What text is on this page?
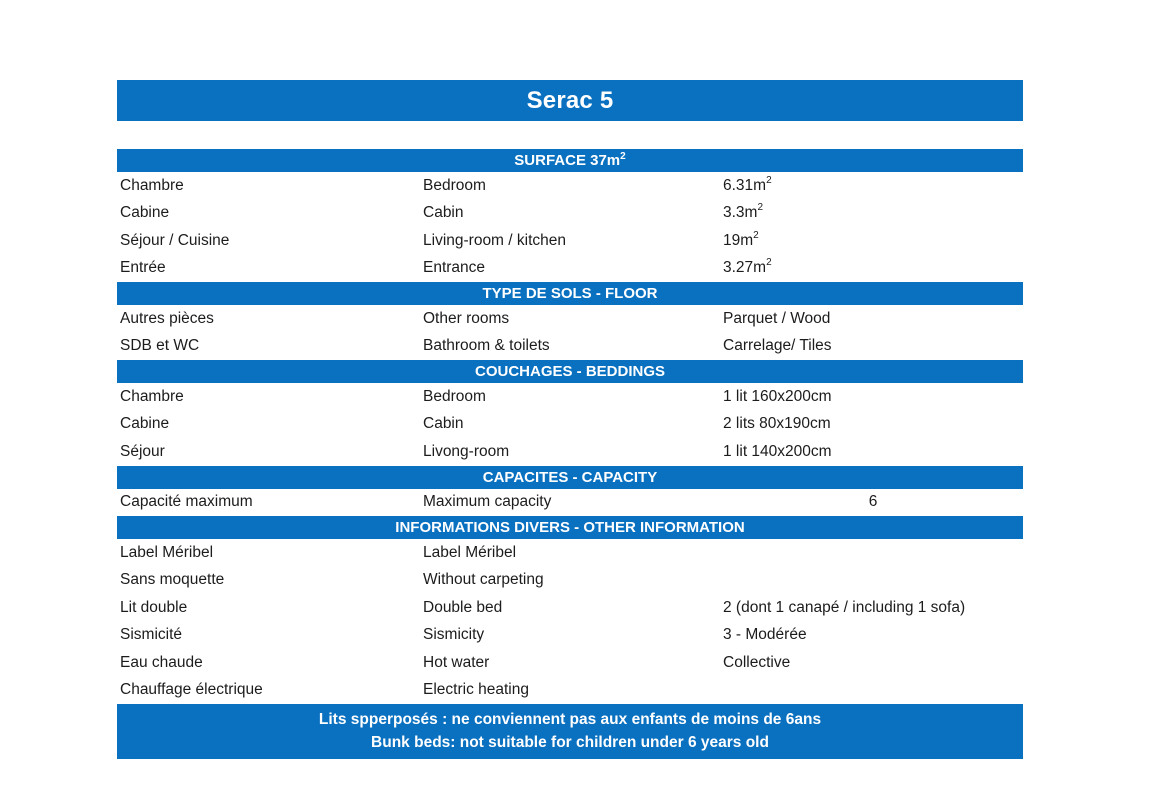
Serac 5
SURFACE $37m^2$
Chambre	Bedroom	$6.31m^2$
Cabine	Cabin	$3.3m^2$
Séjour / Cuisine	Living-room / kitchen	$19m^2$
Entrée	Entrance	$3.27m^2$
TYPE DE SOLS - FLOOR
Autres pièces	Other rooms	Parquet / Wood
SDB et WC	Bathroom & toilets	Carrelage/ Tiles
COUCHAGES - BEDDINGS
Chambre	Bedroom	1 lit 160x200cm
Cabine	Cabin	2 lits 80x190cm
Séjour	Livong-room	1 lit 140x200cm
CAPACITES - CAPACITY
Capacité maximum	Maximum capacity	6
INFORMATIONS DIVERS - OTHER INFORMATION
Label Méribel	Label Méribel
Sans moquette	Without carpeting
Lit double	Double bed	2 (dont 1 canapé / including 1 sofa)
Sismicité	Sismicity	3 - Modérée
Eau chaude	Hot water	Collective
Chauffage électrique	Electric heating
Lits spperposés : ne conviennent pas aux enfants de moins de 6ans
Bunk beds: not suitable for children under 6 years old
